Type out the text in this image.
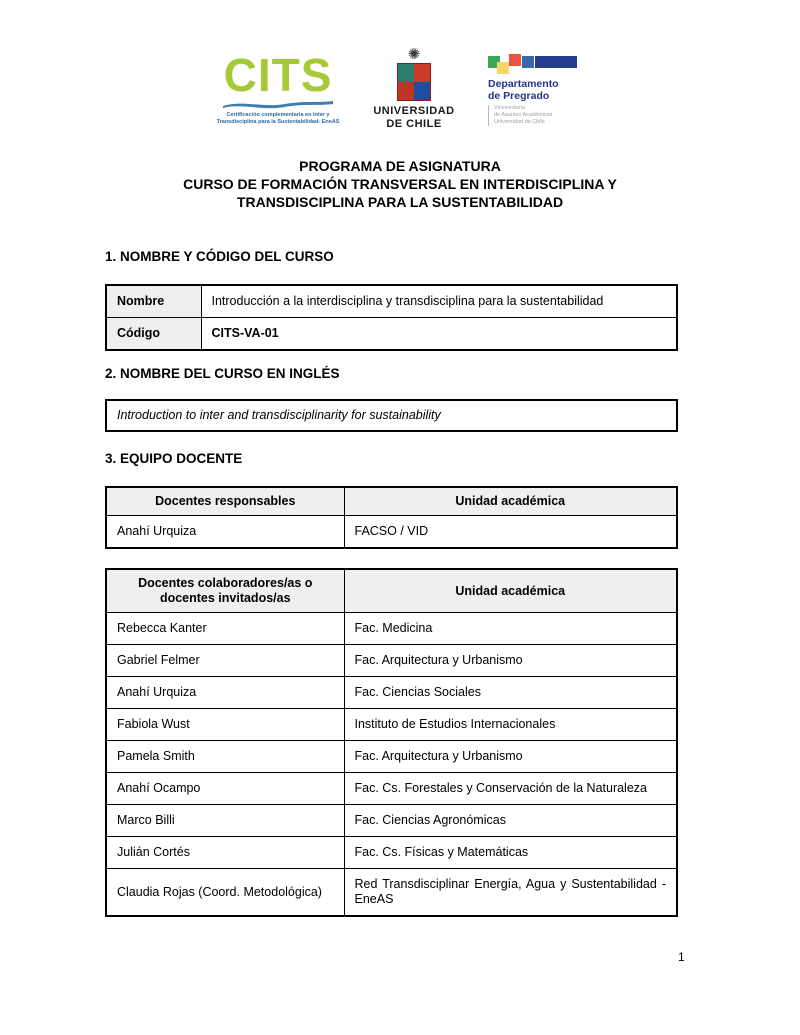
CITS
Certificación complementaria en Inter y
Transdisciplina para la Sustentabilidad- EneAS
✺
UNIVERSIDAD
DE CHILE
Departamento
de Pregrado
Vicerrectoría
de Asuntos Académicos
Universidad de Chile
PROGRAMA DE ASIGNATURA
CURSO DE FORMACIÓN TRANSVERSAL EN INTERDISCIPLINA Y
TRANSDISCIPLINA PARA LA SUSTENTABILIDAD
1. NOMBRE Y CÓDIGO DEL CURSO
Nombre	Introducción a la interdisciplina y transdisciplina para la sustentabilidad
Código	CITS-VA-01
2. NOMBRE DEL CURSO EN INGLÉS
Introduction to inter and transdisciplinarity for sustainability
3. EQUIPO DOCENTE
Docentes responsables	Unidad académica
Anahí Urquiza	FACSO / VID
Docentes colaboradores/as o docentes invitados/as	Unidad académica
Rebecca Kanter	Fac. Medicina
Gabriel Felmer	Fac. Arquitectura y Urbanismo
Anahí Urquiza	Fac. Ciencias Sociales
Fabiola Wust	Instituto de Estudios Internacionales
Pamela Smith	Fac. Arquitectura y Urbanismo
Anahí Ocampo	Fac. Cs. Forestales y Conservación de la Naturaleza
Marco Billi	Fac. Ciencias Agronómicas
Julián Cortés	Fac. Cs. Físicas y Matemáticas
Claudia Rojas (Coord. Metodológica)	Red Transdisciplinar Energía, Agua y Sustentabilidad - EneAS
1
